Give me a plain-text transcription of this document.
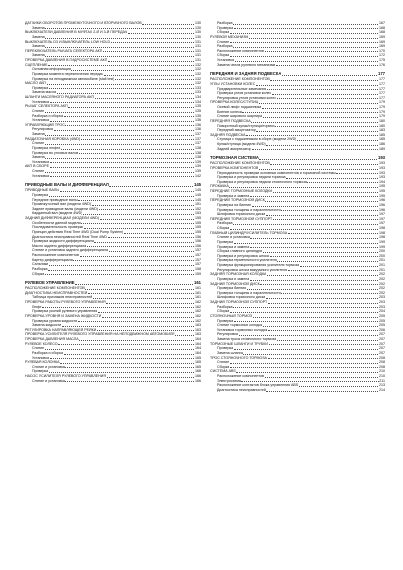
ДАТЧИКИ ОБОРОТОВ ПРОМЕЖУТОЧНОГО И ВТОРИЧНОГО ВАЛОВ	130
Замена	130
ВЫКЛЮЧАТЕЛИ ДАВЛЕНИЯ В МУФТАХ 2-Й И 3-Й ПЕРЕДАЧ	130
Замена	130
ВЫКЛЮЧАТЕЛЬ D3 И ВЫКЛЮЧАТЕЛЬ LOW HOLD	131
Замена	131
ПЕРЕКЛЮЧАТЕЛЬ РЫЧАГА СЕЛЕКТОРА АКП	131
Замена	131
ПРОВЕРКА ДАВЛЕНИЯ В ГИДРОСИСТЕМЕ АКП	131
СЦЕПЛЕНИЕ	132
Основная информация	132
Проверка момента переключения передач	132
Проверка на неподвижном автомобиле (stall test)	132
МАСЛО АКП	132
Проверка	133
Замена масла	133
ШЛАНГИ МАСЛЯНОГО РАДИАТОРА АКП	134
Установка	134
РЫЧАГ СЕЛЕКТОРА АКП	135
Снятие	135
Разборка и сборка	135
Установка	136
УПРАВЛЯЮЩИЙ ТРОС	136
Регулировка	136
Замена	137
РАЗДАТОЧНАЯ КОРОБКА (4WD)	137
Снятие	137
Проверка люфта	138
Проверка во угловых валов	138
Замена	138
Установка	139
АКП В СБОРЕ	139
Снятие	139
Установка	142
ПРИВОДНЫЕ ВАЛЫ И ДИФФЕРЕНЦИАЛ	145
ПРИВОДНЫЕ ВАЛЫ	145
Проверка	145
Передние приводные валы	145
Промежуточный вал (модели 4WD)	151
Задние приводные валы (модели 4WD)	152
Карданный вал (модели 4WD)	153
ЗАДНИЙ ДИФФЕРЕНЦИАЛ (МОДЕЛИ 4WD)	155
Особенности данной модели	155
Последовательность проверки	155
Принцип действия Real Time 4WD (Dual Pump System)	155
Диагностика неисправностей Real Time 4WD	156
Проверка жидкости дифференциала	156
Масло заднего дифференциала	156
Снятие и установка заднего дифференциала	157
Расположение компонентов	157
Картер дифференциала	157
Сальники	157
Разборка	158
Сборка	159
РУЛЕВОЕ УПРАВЛЕНИЕ	161
РАСПОЛОЖЕНИЕ КОМПОНЕНТОВ	161
ДИАГНОСТИКА НЕИСПРАВНОСТЕЙ	161
Таблица признаков неисправностей	161
ПРОВЕРКА РАБОТЫ РУЛЕВОГО УПРАВЛЕНИЯ	162
Люфт	162
Проверка усилий рулевого управления	162
ПРОВЕРКА УРОВНЯ И ЗАМЕНА ЖИДКОСТИ	162
Проверка уровня жидкости	162
Замена жидкости	163
РЕГУЛИРОВКА НАПРАВЛЯЮЩЕЙ РЕЙКИ	163
ПРОВЕРКА УСИЛИТЕЛЯ РУЛЕВОГО УПРАВЛЕНИЯ НА НЕПОДВИЖНОМ АВТОМОБИЛЕ	163
ПРОВЕРКА ДАВЛЕНИЯ МАСЛА	164
РУЛЕВОЕ КОЛЕСО	164
Снятие	164
Разборка и сборка	164
Установка	165
РУЛЕВАЯ КОЛОНКА	165
Снятие и установка	165
Проверка	166
НАСОС УСИЛИТЕЛЯ РУЛЕВОГО УПРАВЛЕНИЯ	166
Снятие и установка	166
Разборка	167
Проверка	168
Сборка	168
РУЛЕВОЙ МЕХАНИЗМ	169
Снятие	169
Разборка	169
Расположение компонентов	170
Сборка	172
Установка	175
Замена чехла рулевого механизма	176
ПЕРЕДНЯЯ И ЗАДНЯЯ ПОДВЕСКА	177
РАСПОЛОЖЕНИЕ КОМПОНЕНТОВ	177
УГЛЫ УСТАНОВКИ КОЛЕС	177
Предварительные замечания	177
Проверка углов установки колес	177
Регулировка углов установки колес	177
ПРОВЕРКА КОЛЕС/СТУПИЦ	179
Осевой люфт подшипника	179
Биение колеса	179
Снятие шарового шарнира	179
ПЕРЕДНЯЯ ПОДВЕСКА	180
Поворотный кулак/ступица/тормоз	180
Передний амортизатор	183
ЗАДНЯЯ ПОДВЕСКА	185
Ступица с подшипником в сборе (модели 2WD)	185
Кулак/ступица (модели 4WD)	186
Задний амортизатор	189
ТОРМОЗНАЯ СИСТЕМА	193
РАСПОЛОЖЕНИЕ КОМПОНЕНТОВ	193
ПРОВЕРКА КОМПОНЕНТОВ	193
Периодичность проверки основных компонентов и тормозной системы	193
Проверка и регулировка педали тормоза	193
Проверка и регулировка педали стояночного тормоза	194
ПРОКАЧКА	195
ПЕРЕДНИЕ ТОРМОЗНЫЕ КОЛОДКИ	195
Проверка и замена	195
ПЕРЕДНИЙ ТОРМОЗНОЙ ДИСК	196
Проверка на биение	196
Проверка толщины и параллельности	196
Шлифовка тормозного диска	197
ПЕРЕДНИЙ ТОРМОЗНОЙ СУППОРТ	197
Разборка	197
Сборка	198
ГЛАВНЫЙ ЦИЛИНДР/УСИЛИТЕЛЬ ТОРМОЗА	198
Снятие и установка	198
Проверка	199
Проверка и замена	199
Сборка главного цилиндра	200
Проверка и регулировка штока	200
Проверка герметичности усилителя	201
Проверка функционирования усилителя тормоза	201
Регулировка штока вакуумного усилителя	201
ЗАДНЯЯ ТОРМОЗНАЯ КОЛОДКА	202
Проверка и замена	202
ЗАДНИЙ ТОРМОЗНОЙ ДИСК	202
Проверка биения	202
Проверка толщины и параллельности	202
Шлифовка тормозного диска	203
ЗАДНИЙ ТОРМОЗНОЙ СУППОРТ	203
Разборка	203
Сборка	204
СТОЯНОЧНЫЙ ТОРМОЗ	205
Проверка	205
Снятие тормозных колодок	205
Установка тормозных колодок	206
Регулировка	207
Замена троса стояночного тормоза	207
ТОРМОЗНЫЕ ШЛАНГИ И ТРУБКИ	207
Проверка	207
Замена шланга	207
ТРОС СТОЯНОЧНОГО ТОРМОЗА	208
Снятие	208
Сборка	208
СИСТЕМА ABS	210
Расположение компонентов	210
Электросхема	211
Расположение контактов блока управления ABS	213
Диагностика неисправностей	214
